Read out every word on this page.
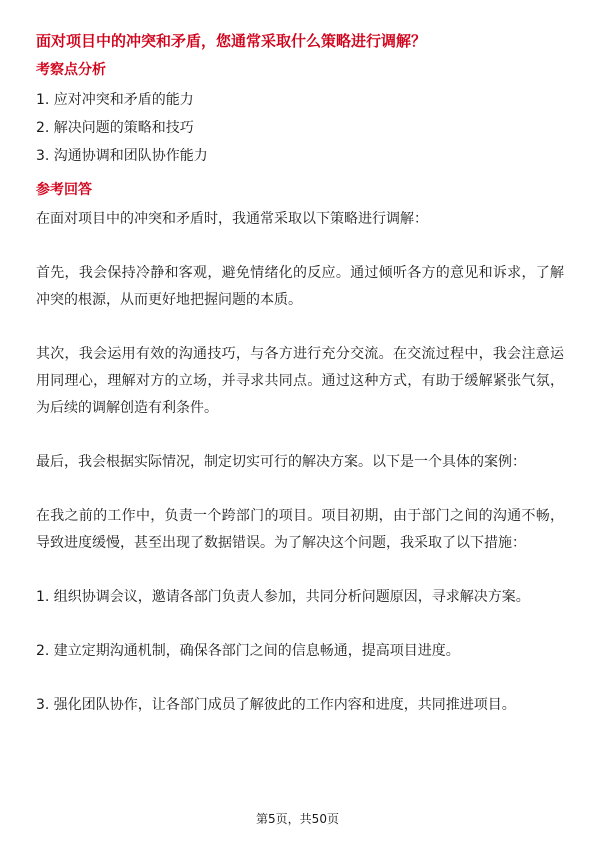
面对项目中的冲突和矛盾，您通常采取什么策略进行调解？
考察点分析
1. 应对冲突和矛盾的能力
2. 解决问题的策略和技巧
3. 沟通协调和团队协作能力
参考回答

在面对项目中的冲突和矛盾时，我通常采取以下策略进行调解：

首先，我会保持冷静和客观，避免情绪化的反应。通过倾听各方的意见和诉求，了解冲突的根源，从而更好地把握问题的本质。

其次，我会运用有效的沟通技巧，与各方进行充分交流。在交流过程中，我会注意运用同理心，理解对方的立场，并寻求共同点。通过这种方式，有助于缓解紧张气氛，为后续的调解创造有利条件。

最后，我会根据实际情况，制定切实可行的解决方案。以下是一个具体的案例：

在我之前的工作中，负责一个跨部门的项目。项目初期，由于部门之间的沟通不畅，导致进度缓慢，甚至出现了数据错误。为了解决这个问题，我采取了以下措施：

1. 组织协调会议，邀请各部门负责人参加，共同分析问题原因，寻求解决方案。

2. 建立定期沟通机制，确保各部门之间的信息畅通，提高项目进度。

3. 强化团队协作，让各部门成员了解彼此的工作内容和进度，共同推进项目。

第5页，共50页
